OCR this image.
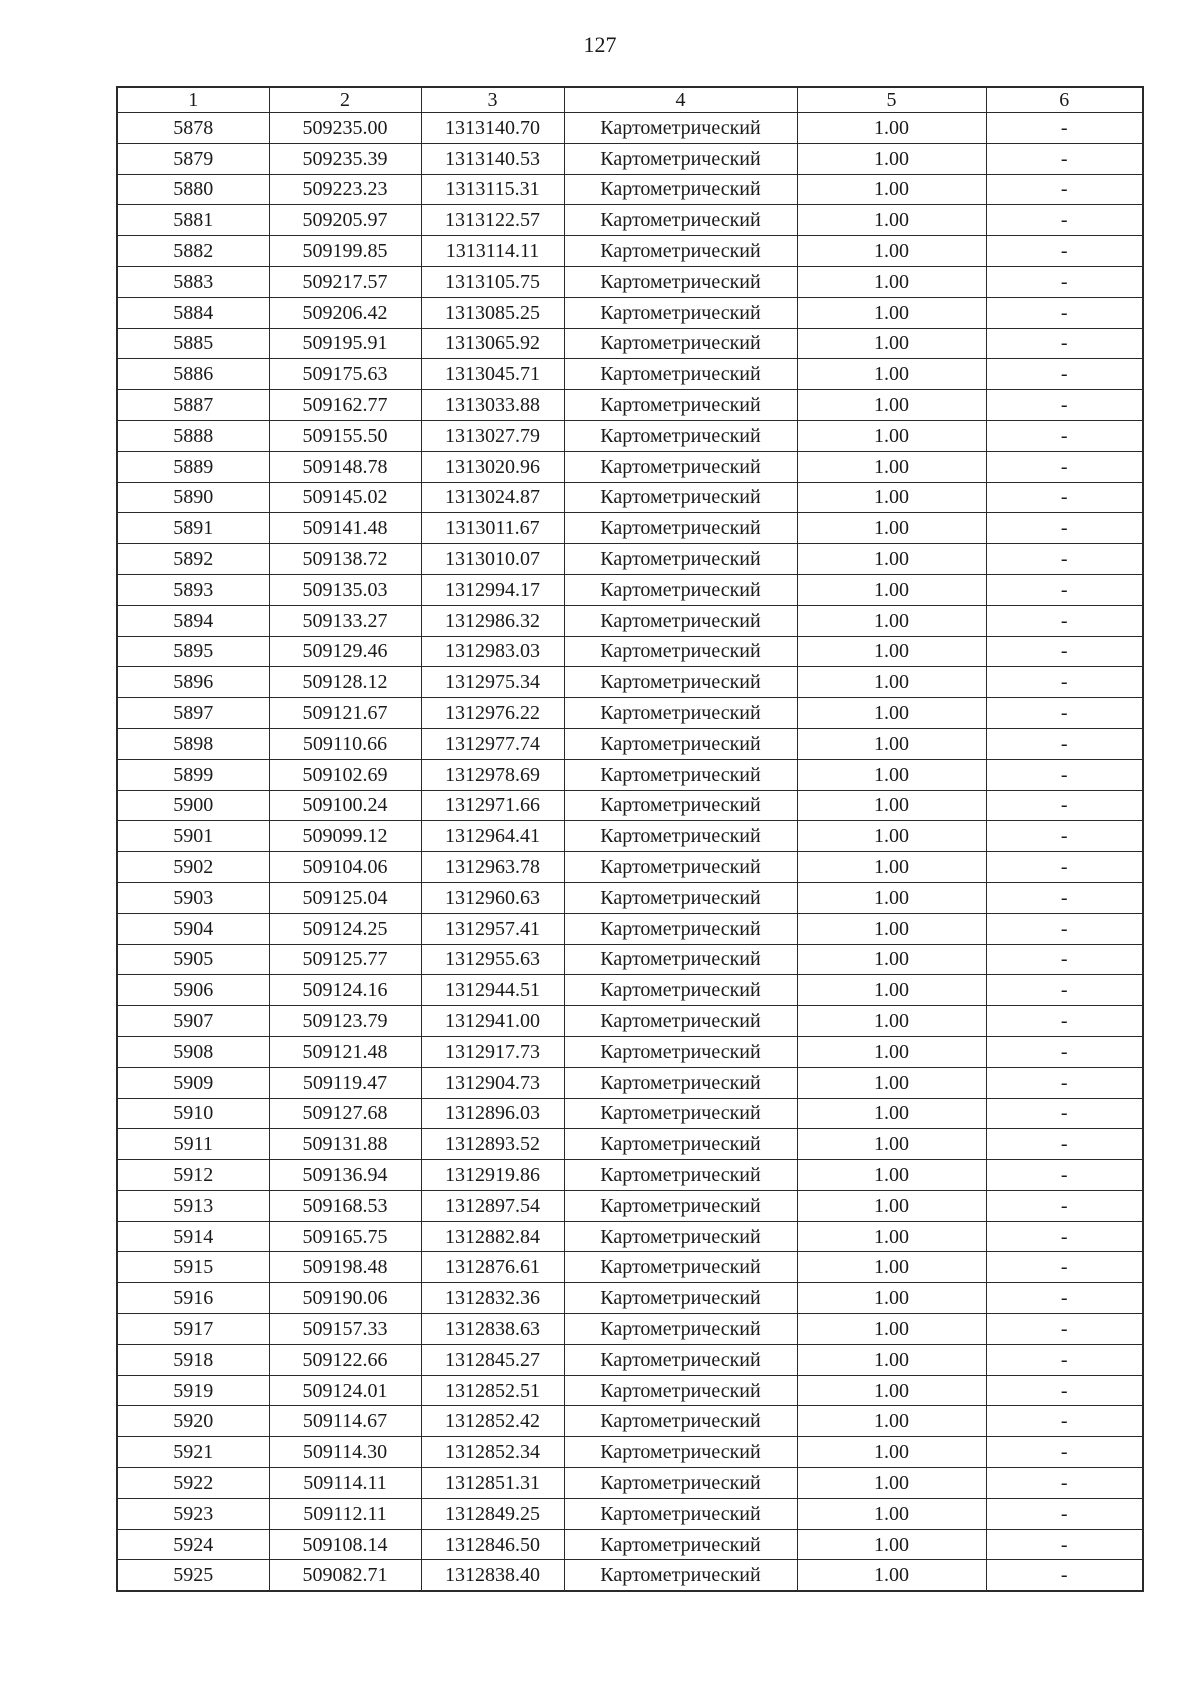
127
1	2	3	4	5	6
5878	509235.00	1313140.70	Картометрический	1.00	-
5879	509235.39	1313140.53	Картометрический	1.00	-
5880	509223.23	1313115.31	Картометрический	1.00	-
5881	509205.97	1313122.57	Картометрический	1.00	-
5882	509199.85	1313114.11	Картометрический	1.00	-
5883	509217.57	1313105.75	Картометрический	1.00	-
5884	509206.42	1313085.25	Картометрический	1.00	-
5885	509195.91	1313065.92	Картометрический	1.00	-
5886	509175.63	1313045.71	Картометрический	1.00	-
5887	509162.77	1313033.88	Картометрический	1.00	-
5888	509155.50	1313027.79	Картометрический	1.00	-
5889	509148.78	1313020.96	Картометрический	1.00	-
5890	509145.02	1313024.87	Картометрический	1.00	-
5891	509141.48	1313011.67	Картометрический	1.00	-
5892	509138.72	1313010.07	Картометрический	1.00	-
5893	509135.03	1312994.17	Картометрический	1.00	-
5894	509133.27	1312986.32	Картометрический	1.00	-
5895	509129.46	1312983.03	Картометрический	1.00	-
5896	509128.12	1312975.34	Картометрический	1.00	-
5897	509121.67	1312976.22	Картометрический	1.00	-
5898	509110.66	1312977.74	Картометрический	1.00	-
5899	509102.69	1312978.69	Картометрический	1.00	-
5900	509100.24	1312971.66	Картометрический	1.00	-
5901	509099.12	1312964.41	Картометрический	1.00	-
5902	509104.06	1312963.78	Картометрический	1.00	-
5903	509125.04	1312960.63	Картометрический	1.00	-
5904	509124.25	1312957.41	Картометрический	1.00	-
5905	509125.77	1312955.63	Картометрический	1.00	-
5906	509124.16	1312944.51	Картометрический	1.00	-
5907	509123.79	1312941.00	Картометрический	1.00	-
5908	509121.48	1312917.73	Картометрический	1.00	-
5909	509119.47	1312904.73	Картометрический	1.00	-
5910	509127.68	1312896.03	Картометрический	1.00	-
5911	509131.88	1312893.52	Картометрический	1.00	-
5912	509136.94	1312919.86	Картометрический	1.00	-
5913	509168.53	1312897.54	Картометрический	1.00	-
5914	509165.75	1312882.84	Картометрический	1.00	-
5915	509198.48	1312876.61	Картометрический	1.00	-
5916	509190.06	1312832.36	Картометрический	1.00	-
5917	509157.33	1312838.63	Картометрический	1.00	-
5918	509122.66	1312845.27	Картометрический	1.00	-
5919	509124.01	1312852.51	Картометрический	1.00	-
5920	509114.67	1312852.42	Картометрический	1.00	-
5921	509114.30	1312852.34	Картометрический	1.00	-
5922	509114.11	1312851.31	Картометрический	1.00	-
5923	509112.11	1312849.25	Картометрический	1.00	-
5924	509108.14	1312846.50	Картометрический	1.00	-
5925	509082.71	1312838.40	Картометрический	1.00	-
